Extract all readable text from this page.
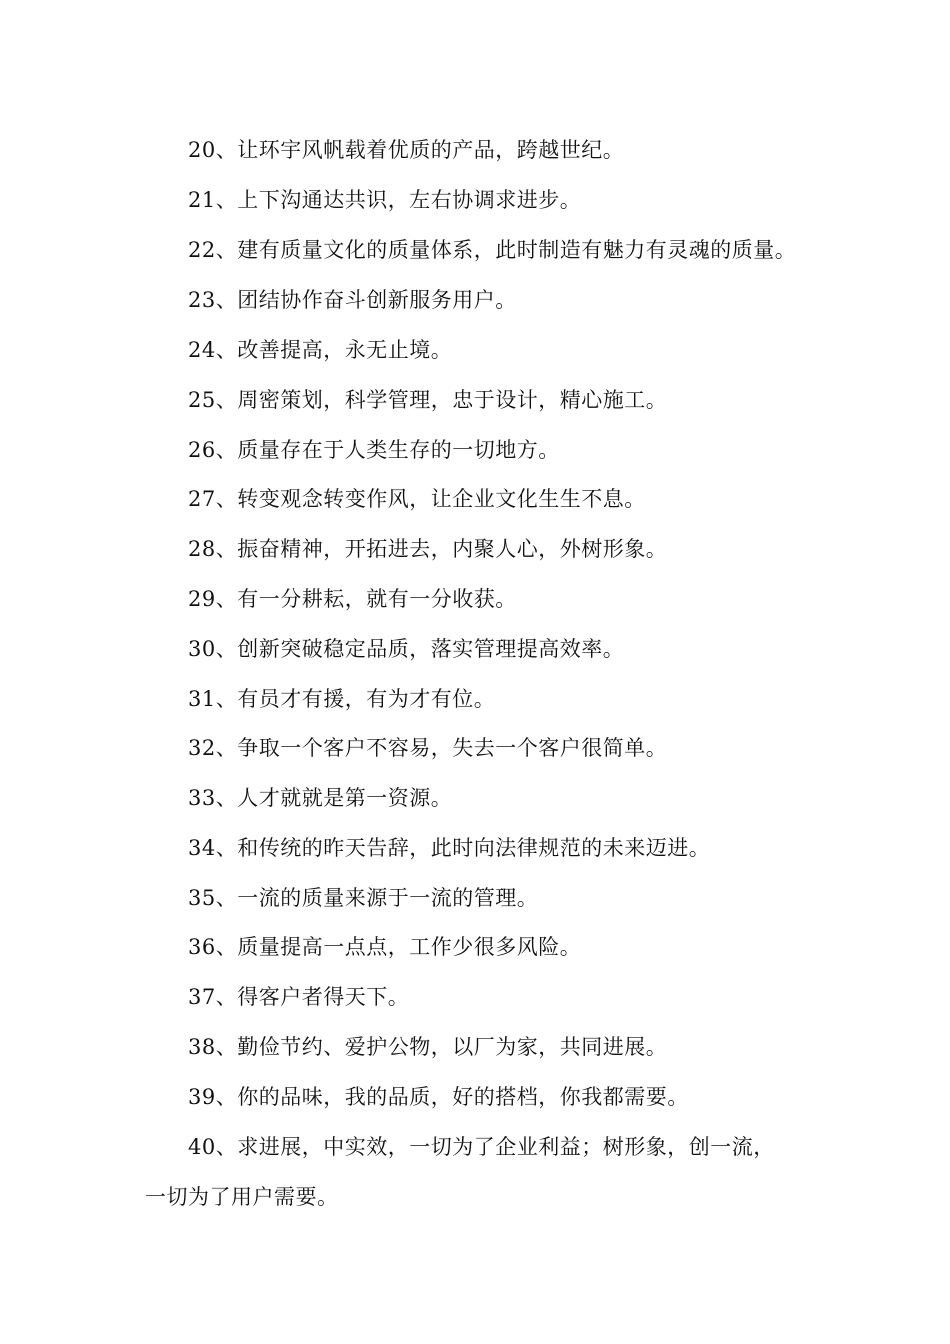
20、让环宇风帆载着优质的产品，跨越世纪。
21、上下沟通达共识，左右协调求进步。
22、建有质量文化的质量体系，此时制造有魅力有灵魂的质量。
23、团结协作奋斗创新服务用户。
24、改善提高，永无止境。
25、周密策划，科学管理，忠于设计，精心施工。
26、质量存在于人类生存的一切地方。
27、转变观念转变作风，让企业文化生生不息。
28、振奋精神，开拓进去，内聚人心，外树形象。
29、有一分耕耘，就有一分收获。
30、创新突破稳定品质，落实管理提高效率。
31、有员才有援，有为才有位。
32、争取一个客户不容易，失去一个客户很简单。
33、人才就就是第一资源。
34、和传统的昨天告辞，此时向法律规范的未来迈进。
35、一流的质量来源于一流的管理。
36、质量提高一点点，工作少很多风险。
37、得客户者得天下。
38、勤俭节约、爱护公物，以厂为家，共同进展。
39、你的品味，我的品质，好的搭档，你我都需要。
40、求进展，中实效，一切为了企业利益；树形象，创一流，
一切为了用户需要。
